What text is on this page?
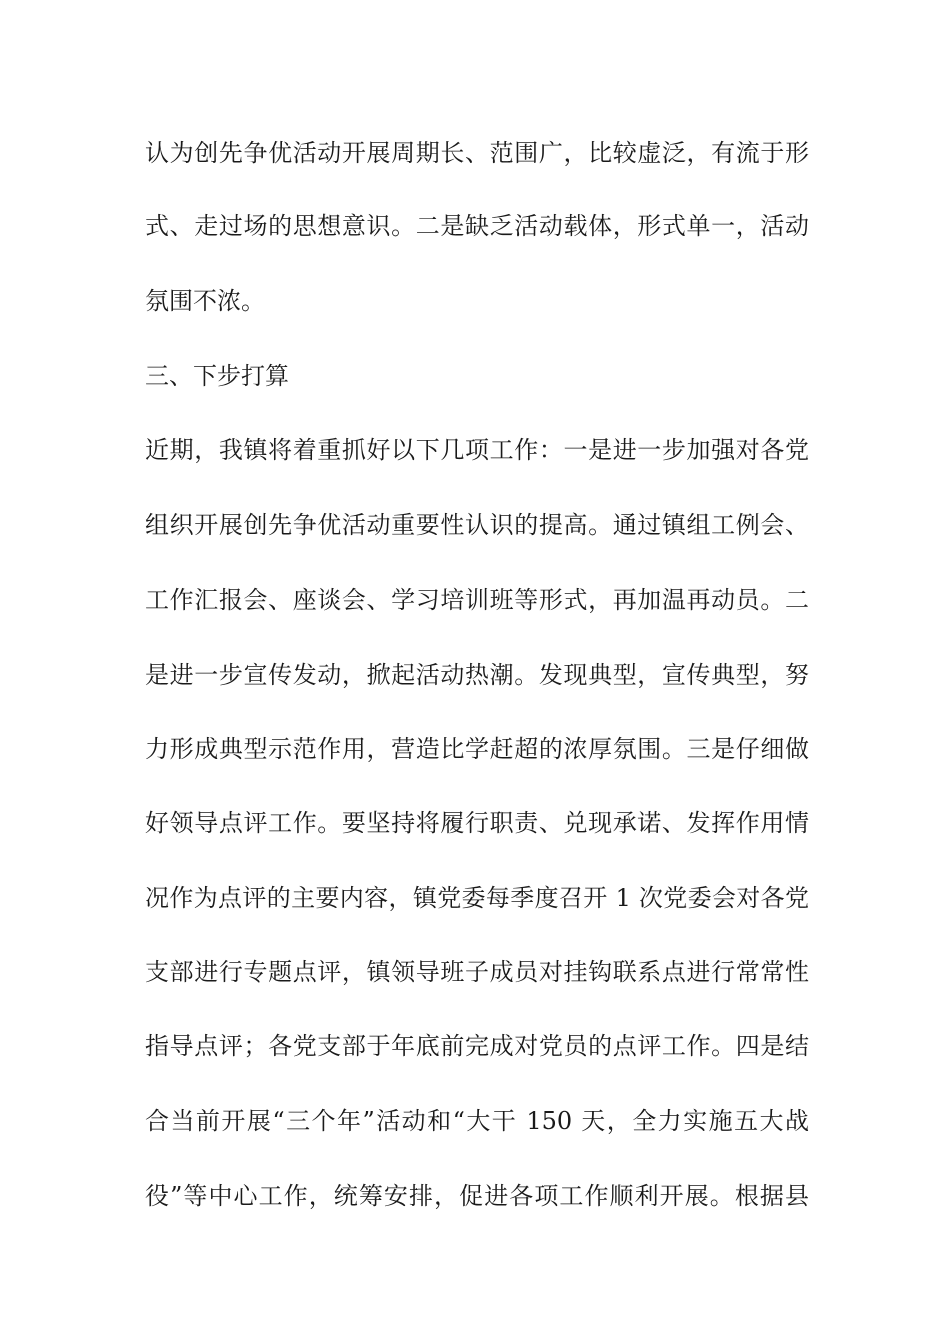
认为创先争优活动开展周期长、范围广，比较虚泛，有流于形
式、走过场的思想意识。二是缺乏活动载体，形式单一，活动
氛围不浓。
三、下步打算
近期，我镇将着重抓好以下几项工作：一是进一步加强对各党
组织开展创先争优活动重要性认识的提高。通过镇组工例会、
工作汇报会、座谈会、学习培训班等形式，再加温再动员。二
是进一步宣传发动，掀起活动热潮。发现典型，宣传典型，努
力形成典型示范作用，营造比学赶超的浓厚氛围。三是仔细做
好领导点评工作。要坚持将履行职责、兑现承诺、发挥作用情
况作为点评的主要内容，镇党委每季度召开 1 次党委会对各党
支部进行专题点评，镇领导班子成员对挂钩联系点进行常常性
指导点评；各党支部于年底前完成对党员的点评工作。四是结
合当前开展“三个年”活动和“大干 150 天，全力实施五大战
役”等中心工作，统筹安排，促进各项工作顺利开展。根据县
